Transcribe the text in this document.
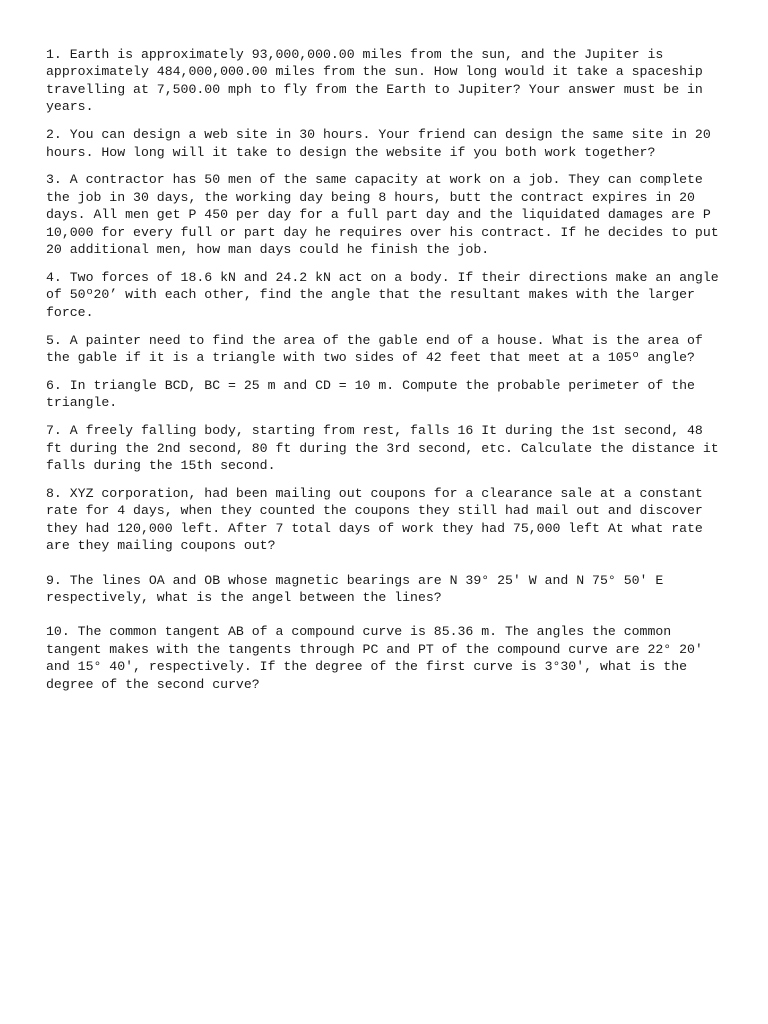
1. Earth is approximately 93,000,000.00 miles from the sun, and the Jupiter is approximately 484,000,000.00 miles from the sun. How long would it take a spaceship travelling at 7,500.00 mph to fly from the Earth to Jupiter? Your answer must be in years.

2. You can design a web site in 30 hours. Your friend can design the same site in 20 hours. How long will it take to design the website if you both work together?

3. A contractor has 50 men of the same capacity at work on a job. They can complete the job in 30 days, the working day being 8 hours, butt the contract expires in 20 days. All men get P 450 per day for a full part day and the liquidated damages are P 10,000 for every full or part day he requires over his contract. If he decides to put 20 additional men, how man days could he finish the job.

4. Two forces of 18.6 kN and 24.2 kN act on a body. If their directions make an angle of 50º20’ with each other, find the angle that the resultant makes with the larger force.

5. A painter need to find the area of the gable end of a house. What is the area of the gable if it is a triangle with two sides of 42 feet that meet at a 105º angle?

6. In triangle BCD, BC = 25 m and CD = 10 m. Compute the probable perimeter of the triangle.

7. A freely falling body, starting from rest, falls 16 It during the 1st second, 48 ft during the 2nd second, 80 ft during the 3rd second, etc. Calculate the distance it falls during the 15th second.

8. XYZ corporation, had been mailing out coupons for a clearance sale at a constant
rate for 4 days, when they counted the coupons they still had mail out and discover they had 120,000 left. After 7 total days of work they had 75,000 left At what rate are they mailing coupons out?

9. The lines OA and OB whose magnetic bearings are N 39° 25' W and N 75° 50' E respectively, what is the angel between the lines?

10. The common tangent AB of a compound curve is 85.36 m. The angles the common tangent makes with the tangents through PC and PT of the compound curve are 22° 20' and 15° 40', respectively. If the degree of the first curve is 3°30', what is the degree of the second curve?
